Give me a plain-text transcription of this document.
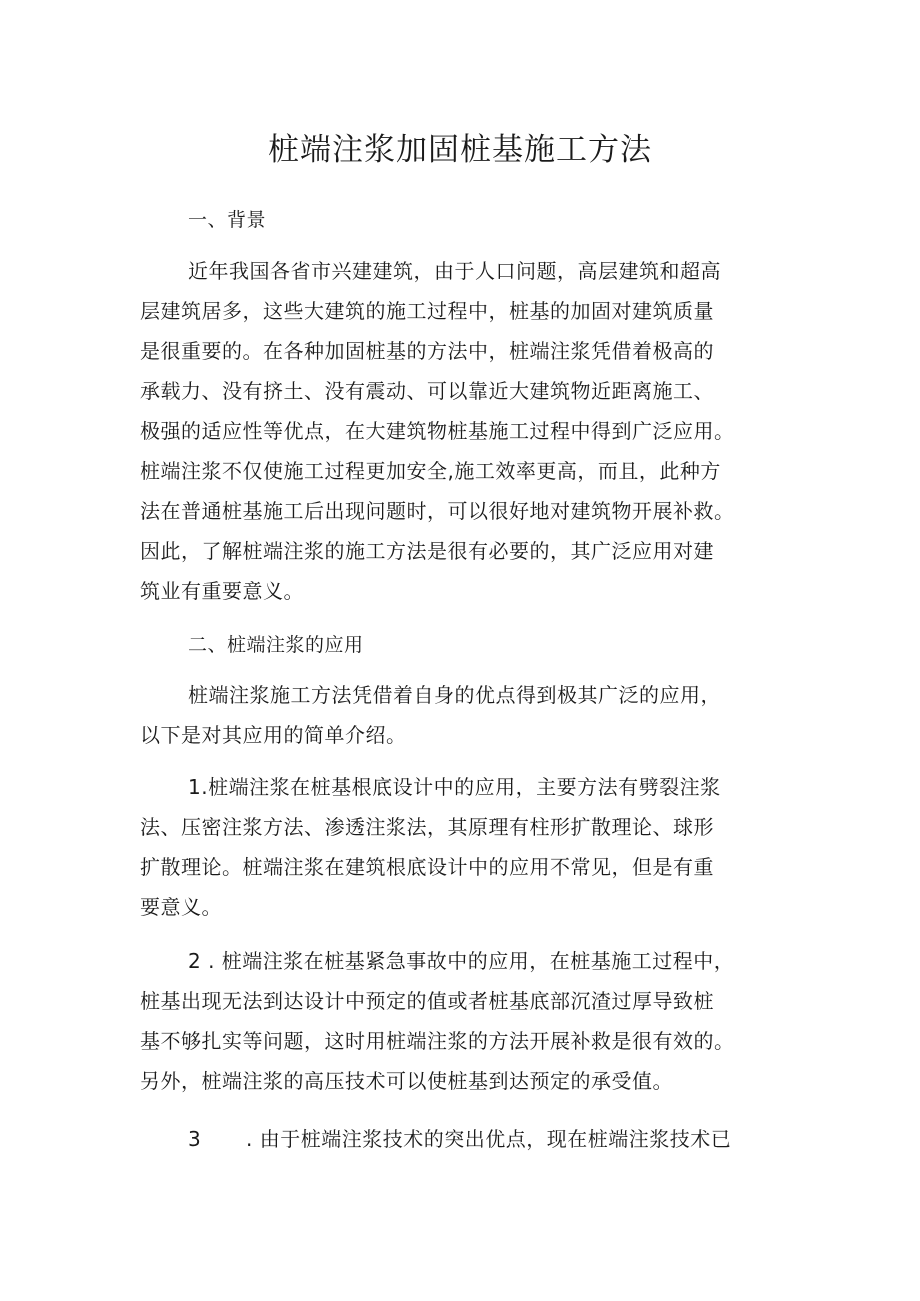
桩端注浆加固桩基施工方法

一、背景

近年我国各省市兴建建筑，由于人口问题，高层建筑和超高

层建筑居多，这些大建筑的施工过程中，桩基的加固对建筑质量

是很重要的。在各种加固桩基的方法中，桩端注浆凭借着极高的

承载力、没有挤土、没有震动、可以靠近大建筑物近距离施工、

极强的适应性等优点，在大建筑物桩基施工过程中得到广泛应用。

桩端注浆不仅使施工过程更加安全,施工效率更高，而且，此种方

法在普通桩基施工后出现问题时，可以很好地对建筑物开展补救。

因此，了解桩端注浆的施工方法是很有必要的，其广泛应用对建

筑业有重要意义。

二、桩端注浆的应用

桩端注浆施工方法凭借着自身的优点得到极其广泛的应用，

以下是对其应用的简单介绍。

1.桩端注浆在桩基根底设计中的应用，主要方法有劈裂注浆

法、压密注浆方法、渗透注浆法，其原理有柱形扩散理论、球形

扩散理论。桩端注浆在建筑根底设计中的应用不常见，但是有重

要意义。

2 . 桩端注浆在桩基紧急事故中的应用，在桩基施工过程中，

桩基出现无法到达设计中预定的值或者桩基底部沉渣过厚导致桩

基不够扎实等问题，这时用桩端注浆的方法开展补救是很有效的。

另外，桩端注浆的高压技术可以使桩基到达预定的承受值。

3 . 由于桩端注浆技术的突出优点，现在桩端注浆技术已
